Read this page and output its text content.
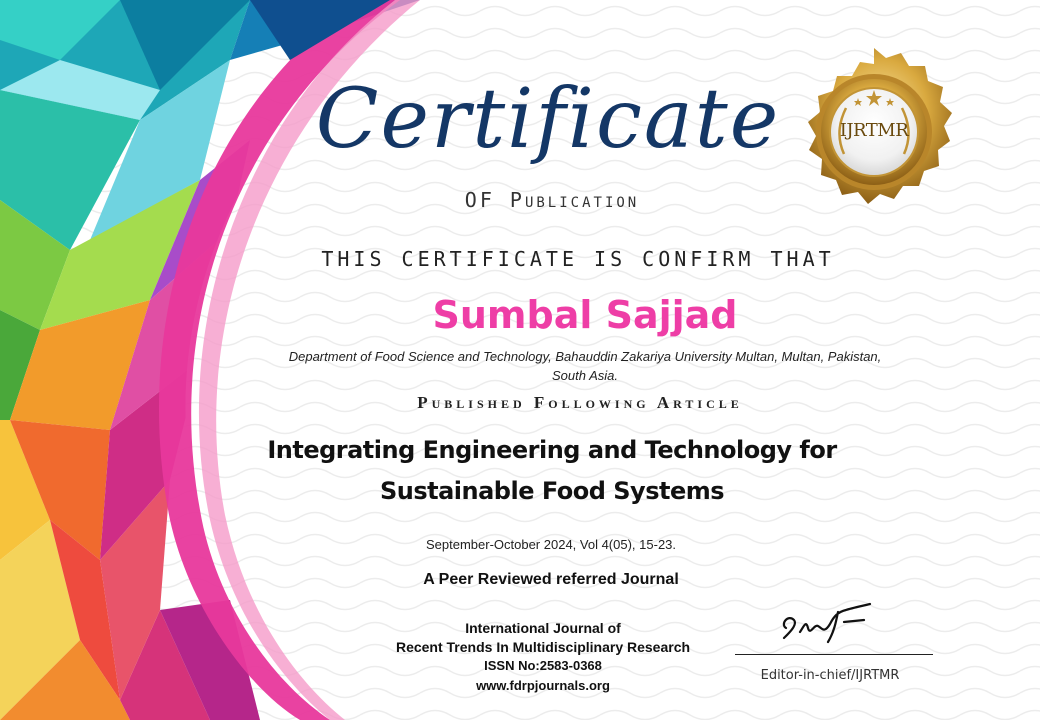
IJRTMR
Certificate
OF Publication
THIS CERTIFICATE IS CONFIRM THAT
Sumbal Sajjad
Department of Food Science and Technology, Bahauddin Zakariya University Multan, Multan, Pakistan, South Asia.
Published Following Article
Integrating Engineering and Technology for Sustainable Food Systems
September-October 2024, Vol 4(05), 15-23.
A Peer Reviewed referred Journal
International Journal of
Recent Trends In Multidisciplinary Research
ISSN No:2583-0368
www.fdrpjournals.org
Editor-in-chief/IJRTMR
